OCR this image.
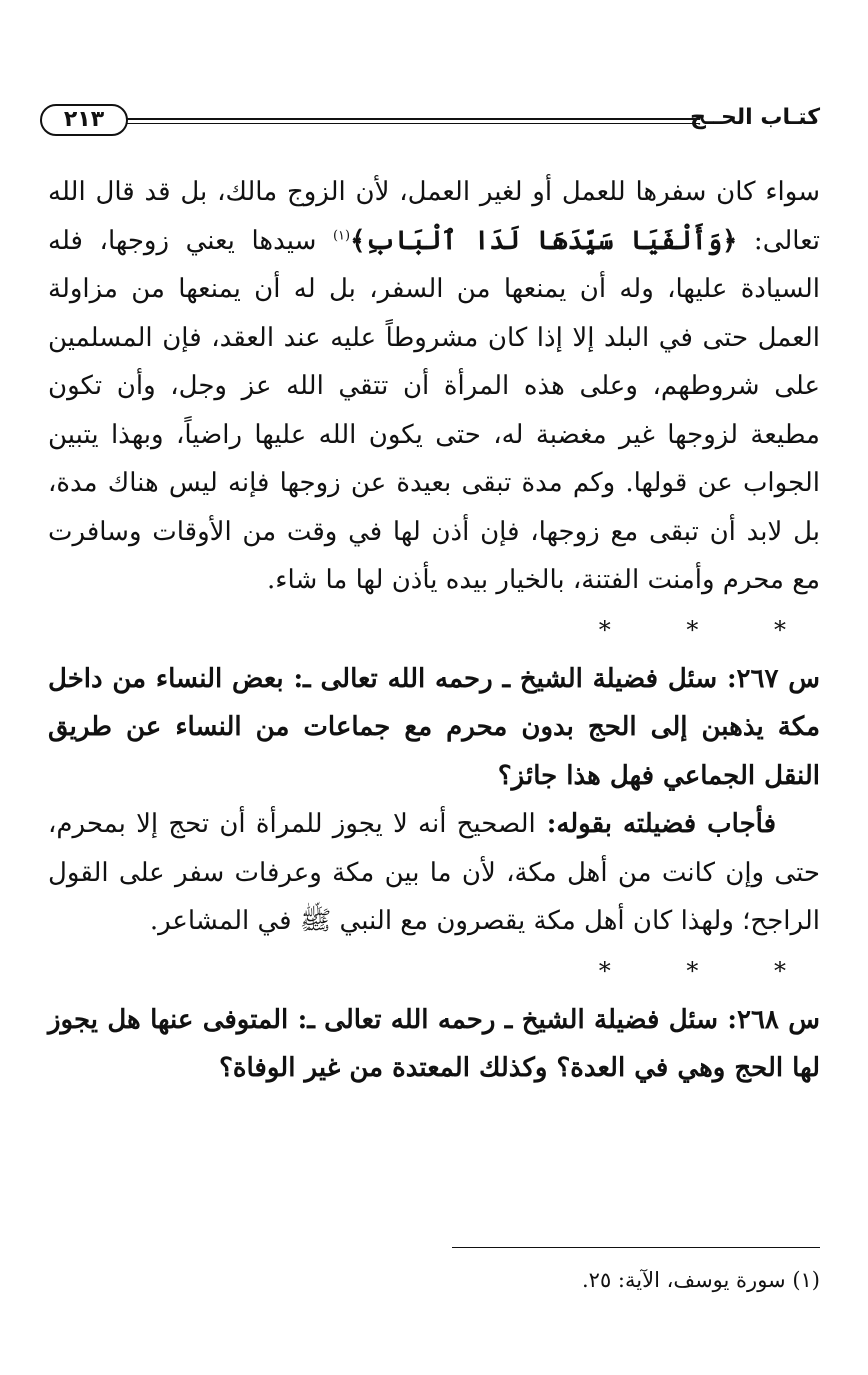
٢١٣	كتـاب الحــج

سواء كان سفرها للعمل أو لغير العمل، لأن الزوج مالك، بل قد قال الله تعالى: ﴿وَأَلْفَيَا سَيِّدَهَا لَدَا ٱلْبَابِ﴾$^{(١)}$ سيدها يعني زوجها، فله السيادة عليها، وله أن يمنعها من السفر، بل له أن يمنعها من مزاولة العمل حتى في البلد إلا إذا كان مشروطاً عليه عند العقد، فإن المسلمين على شروطهم، وعلى هذه المرأة أن تتقي الله عز وجل، وأن تكون مطيعة لزوجها غير مغضبة له، حتى يكون الله عليها راضياً، وبهذا يتبين الجواب عن قولها. وكم مدة تبقى بعيدة عن زوجها فإنه ليس هناك مدة، بل لابد أن تبقى مع زوجها، فإن أذن لها في وقت من الأوقات وسافرت مع محرم وأمنت الفتنة، بالخيار بيده يأذن لها ما شاء.

* * *

س ٢٦٧: سئل فضيلة الشيخ ـ رحمه الله تعالى ـ: بعض النساء من داخل مكة يذهبن إلى الحج بدون محرم مع جماعات من النساء عن طريق النقل الجماعي فهل هذا جائز؟

فأجاب فضيلته بقوله: الصحيح أنه لا يجوز للمرأة أن تحج إلا بمحرم، حتى وإن كانت من أهل مكة، لأن ما بين مكة وعرفات سفر على القول الراجح؛ ولهذا كان أهل مكة يقصرون مع النبي ﷺ في المشاعر.

* * *

س ٢٦٨: سئل فضيلة الشيخ ـ رحمه الله تعالى ـ: المتوفى عنها هل يجوز لها الحج وهي في العدة؟ وكذلك المعتدة من غير الوفاة؟

(١) سورة يوسف، الآية: ٢٥.
